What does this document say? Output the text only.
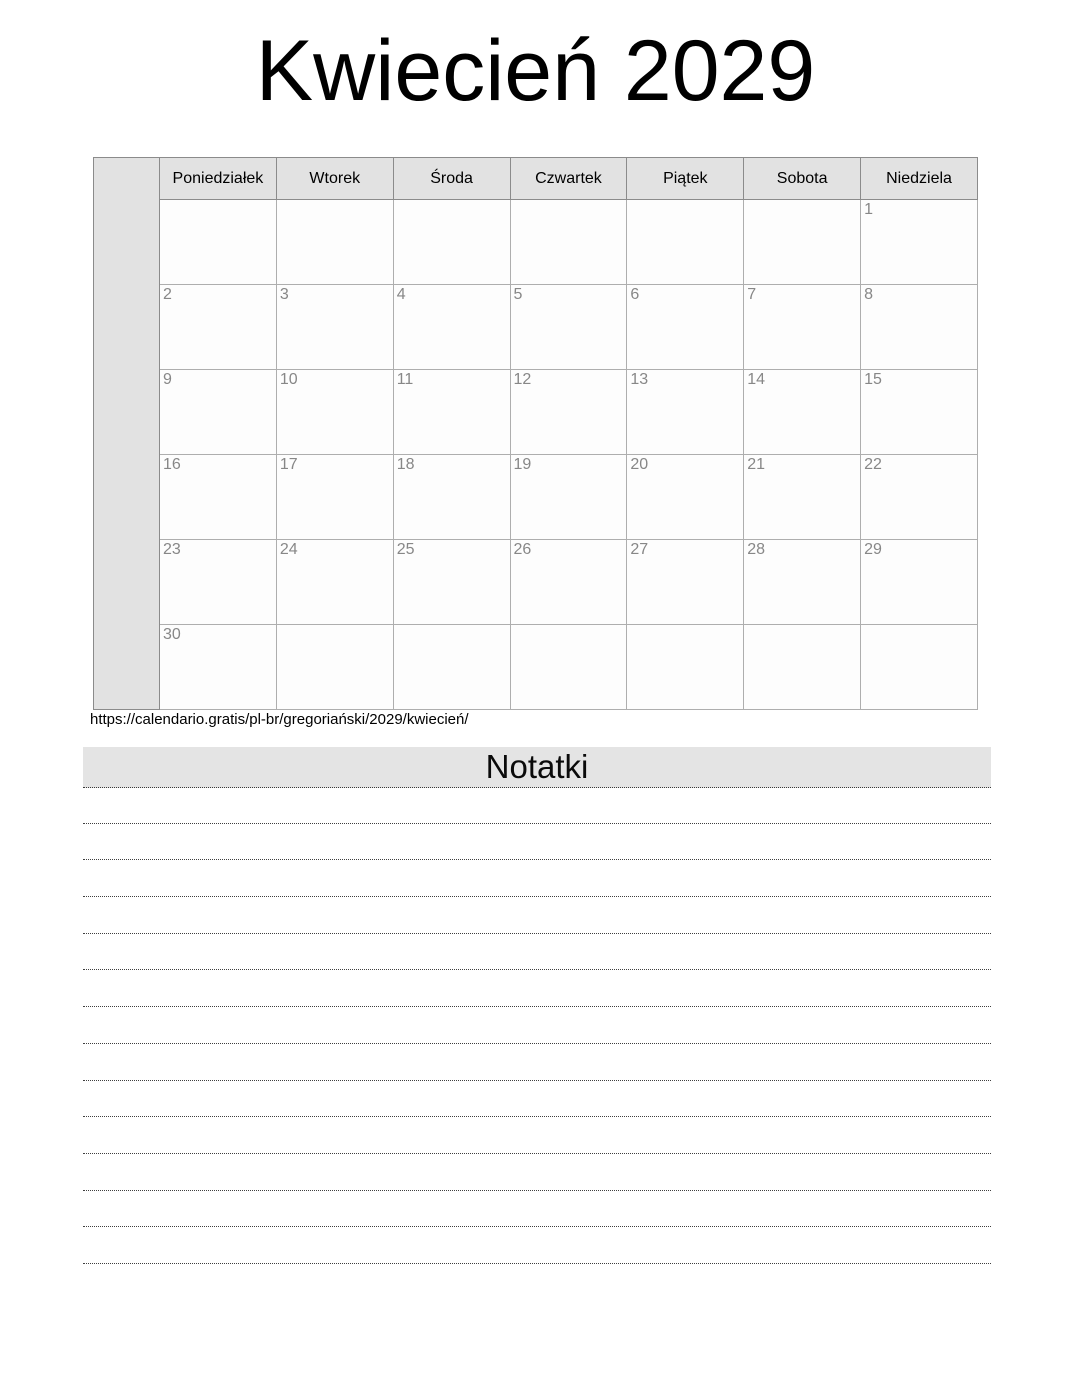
Kwiecień 2029
	Poniedziałek	Wtorek	Środa	Czwartek	Piątek	Sobota	Niedziela
							1
	2	3	4	5	6	7	8
	9	10	11	12	13	14	15
	16	17	18	19	20	21	22
	23	24	25	26	27	28	29
	30						
https://calendario.gratis/pl-br/gregoriański/2029/kwiecień/
Notatki
